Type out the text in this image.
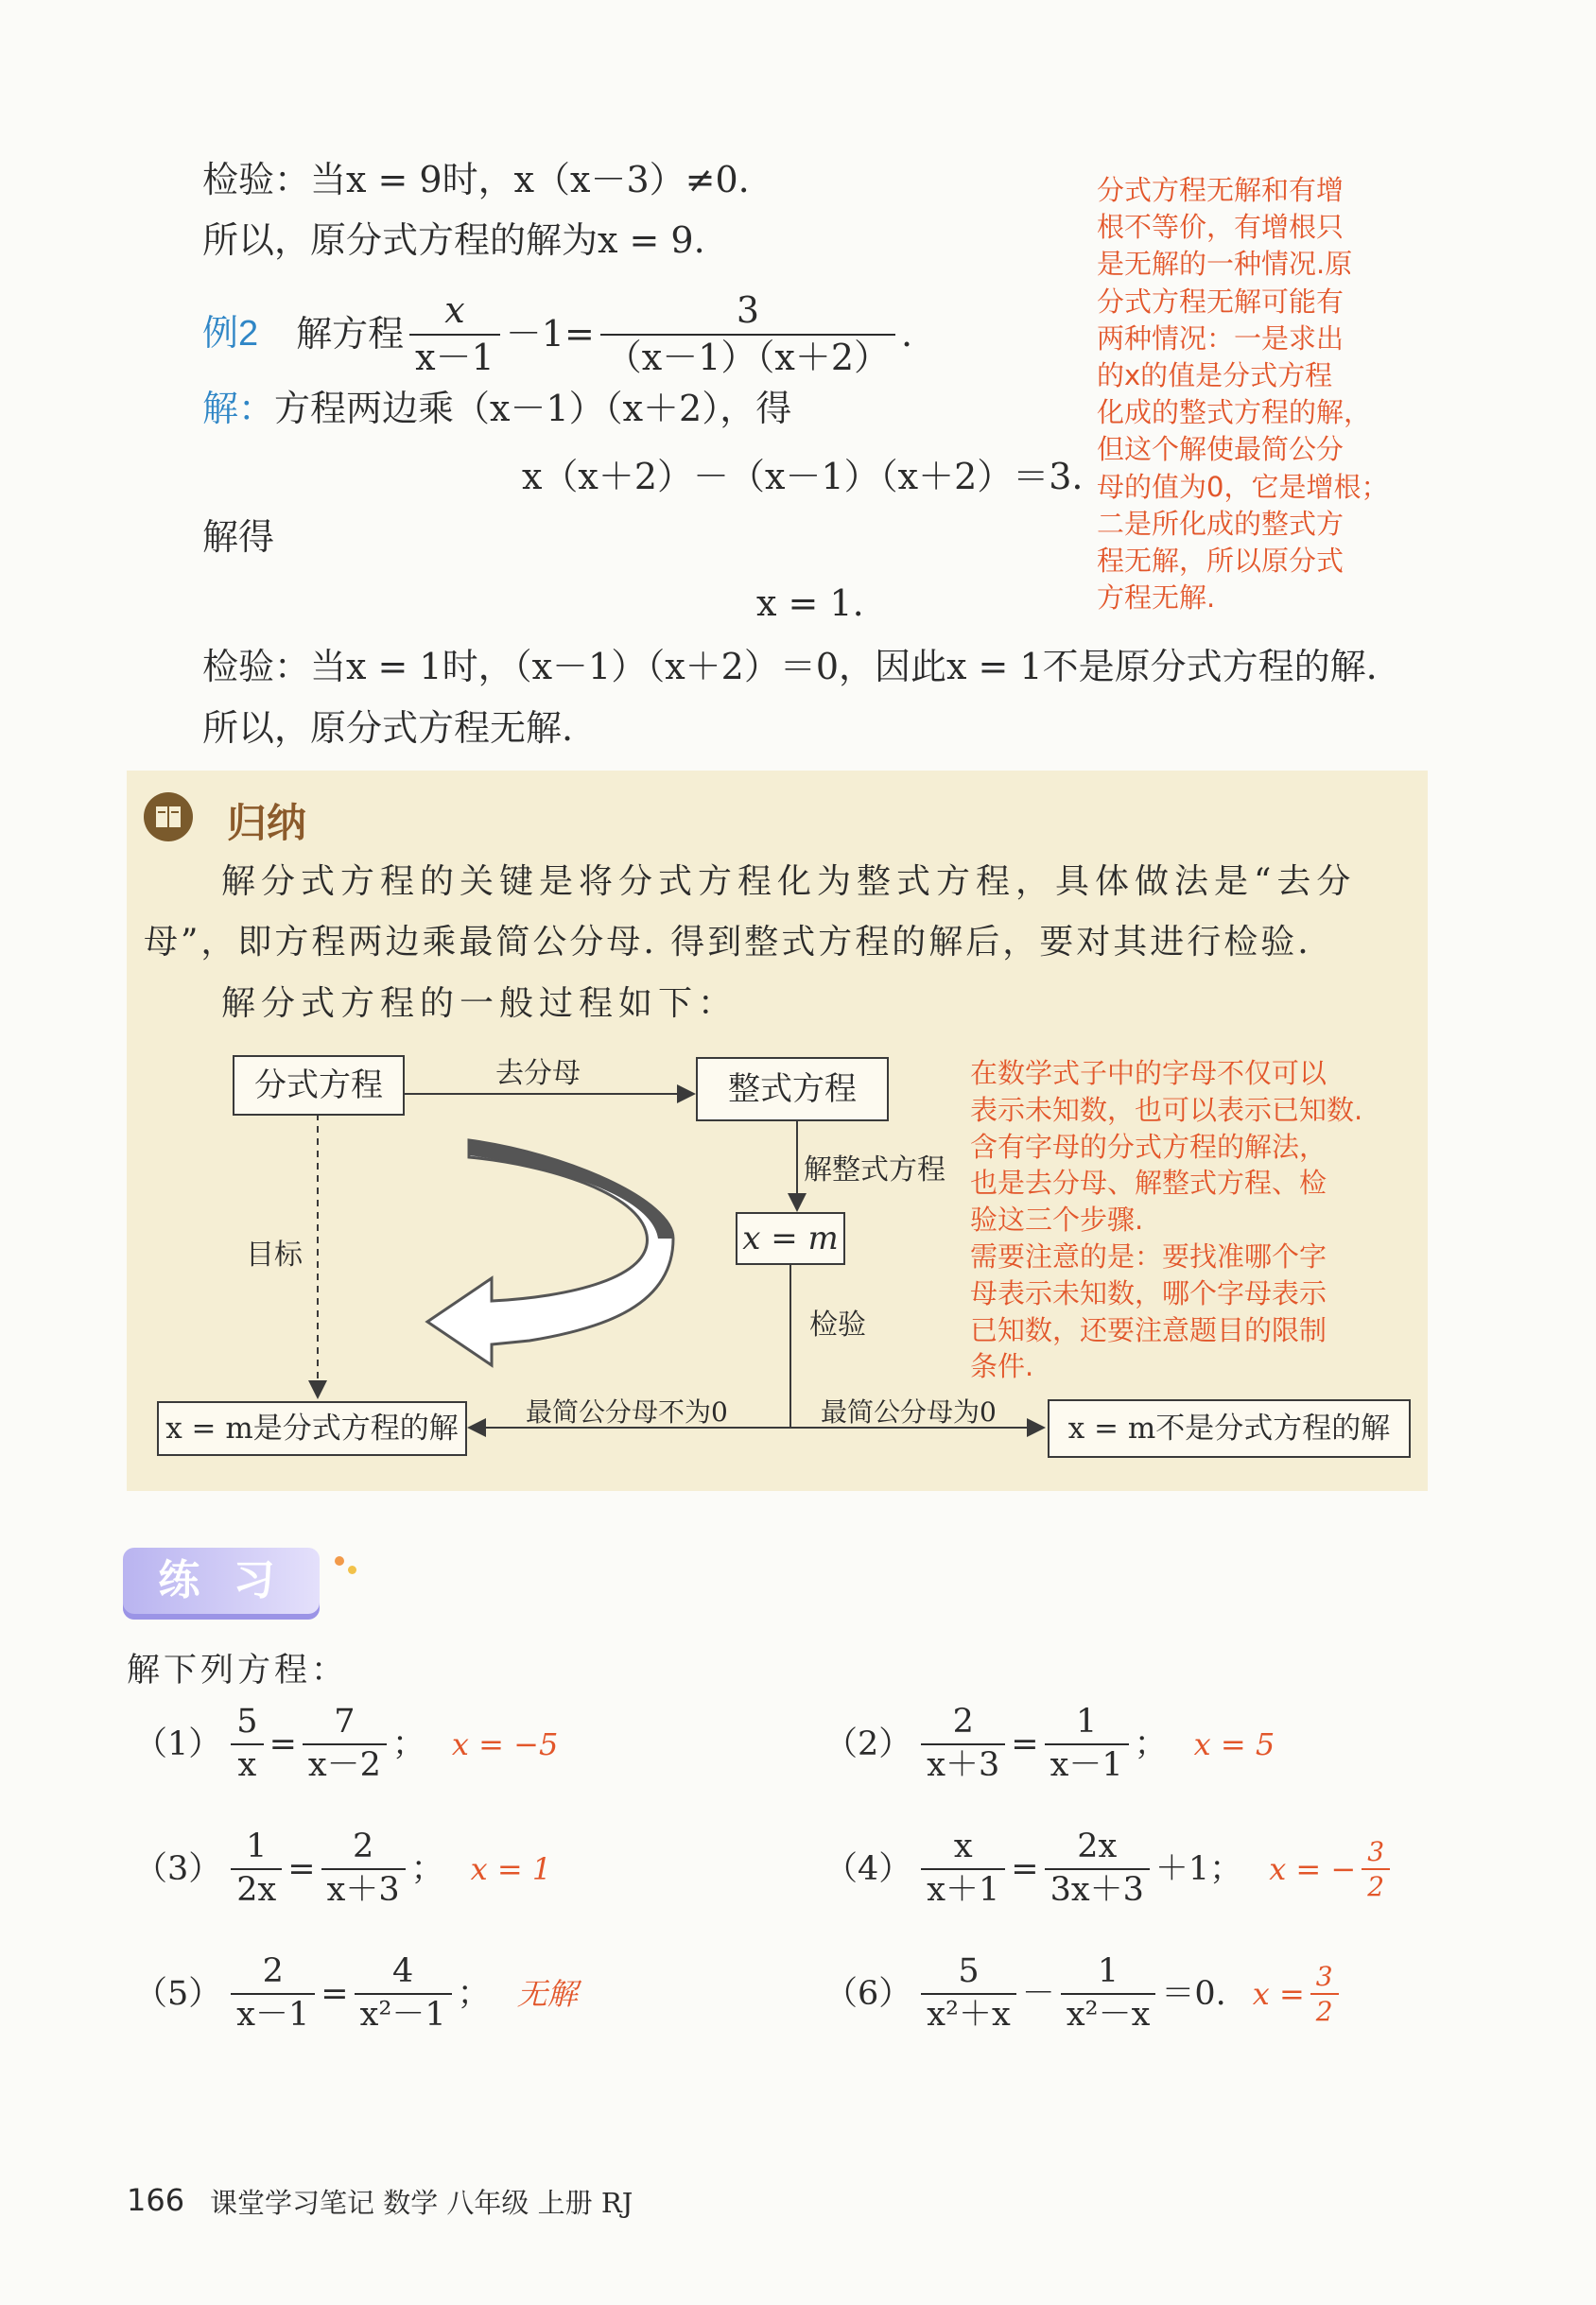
检验：当x = 9时，x（x－3）≠0.
所以，原分式方程的解为x = 9.
例2 解方程 $\frac{x}{x-1} -1= \frac{3}{(x-1)(x+2)}$ .
解：方程两边乘（x－1）（x＋2），得
x（x＋2）－（x－1）（x＋2）＝3.
解得
x = 1.
检验：当x = 1时，（x－1）（x＋2）＝0，因此x = 1不是原分式方程的解.
所以，原分式方程无解.
分式方程无解和有增
根不等价，有增根只
是无解的一种情况.原
分式方程无解可能有
两种情况：一是求出
的x的值是分式方程
化成的整式方程的解，
但这个解使最简公分
母的值为0，它是增根；
二是所化成的整式方
程无解，所以原分式
方程无解.
归纳
解分式方程的关键是将分式方程化为整式方程，具体做法是“去分
母”，即方程两边乘最简公分母. 得到整式方程的解后，要对其进行检验.
解分式方程的一般过程如下：
分式方程	整式方程
x = m
x = m是分式方程的解	x = m不是分式方程的解
去分母
解整式方程
检验
目标
最简公分母不为0	最简公分母为0
在数学式子中的字母不仅可以
表示未知数，也可以表示已知数.
含有字母的分式方程的解法，
也是去分母、解整式方程、检
验这三个步骤.
需要注意的是：要找准哪个字
母表示未知数，哪个字母表示
已知数，还要注意题目的限制
条件.
练 习
解下列方程：
$(1) \frac{5}{x} = \frac{7}{x-2}$ ； x = −5	$(2) \frac{2}{x+3} = \frac{1}{x-1}$ ； x = 5
$(3) \frac{1}{2x} = \frac{2}{x+3}$ ； x = 1	$(4) \frac{x}{x+1} = \frac{2x}{3x+3} +1$； x = − $\frac{3}{2}$
$(5) \frac{2}{x-1} = \frac{4}{\text{x²－1}}$ ； 无解	$(6) \frac{5}{\text{x²＋x}} - \frac{1}{\text{x²－x}} =0$. $x = \frac{3}{2}$
166 课堂学习笔记 数学 八年级 上册 RJ
